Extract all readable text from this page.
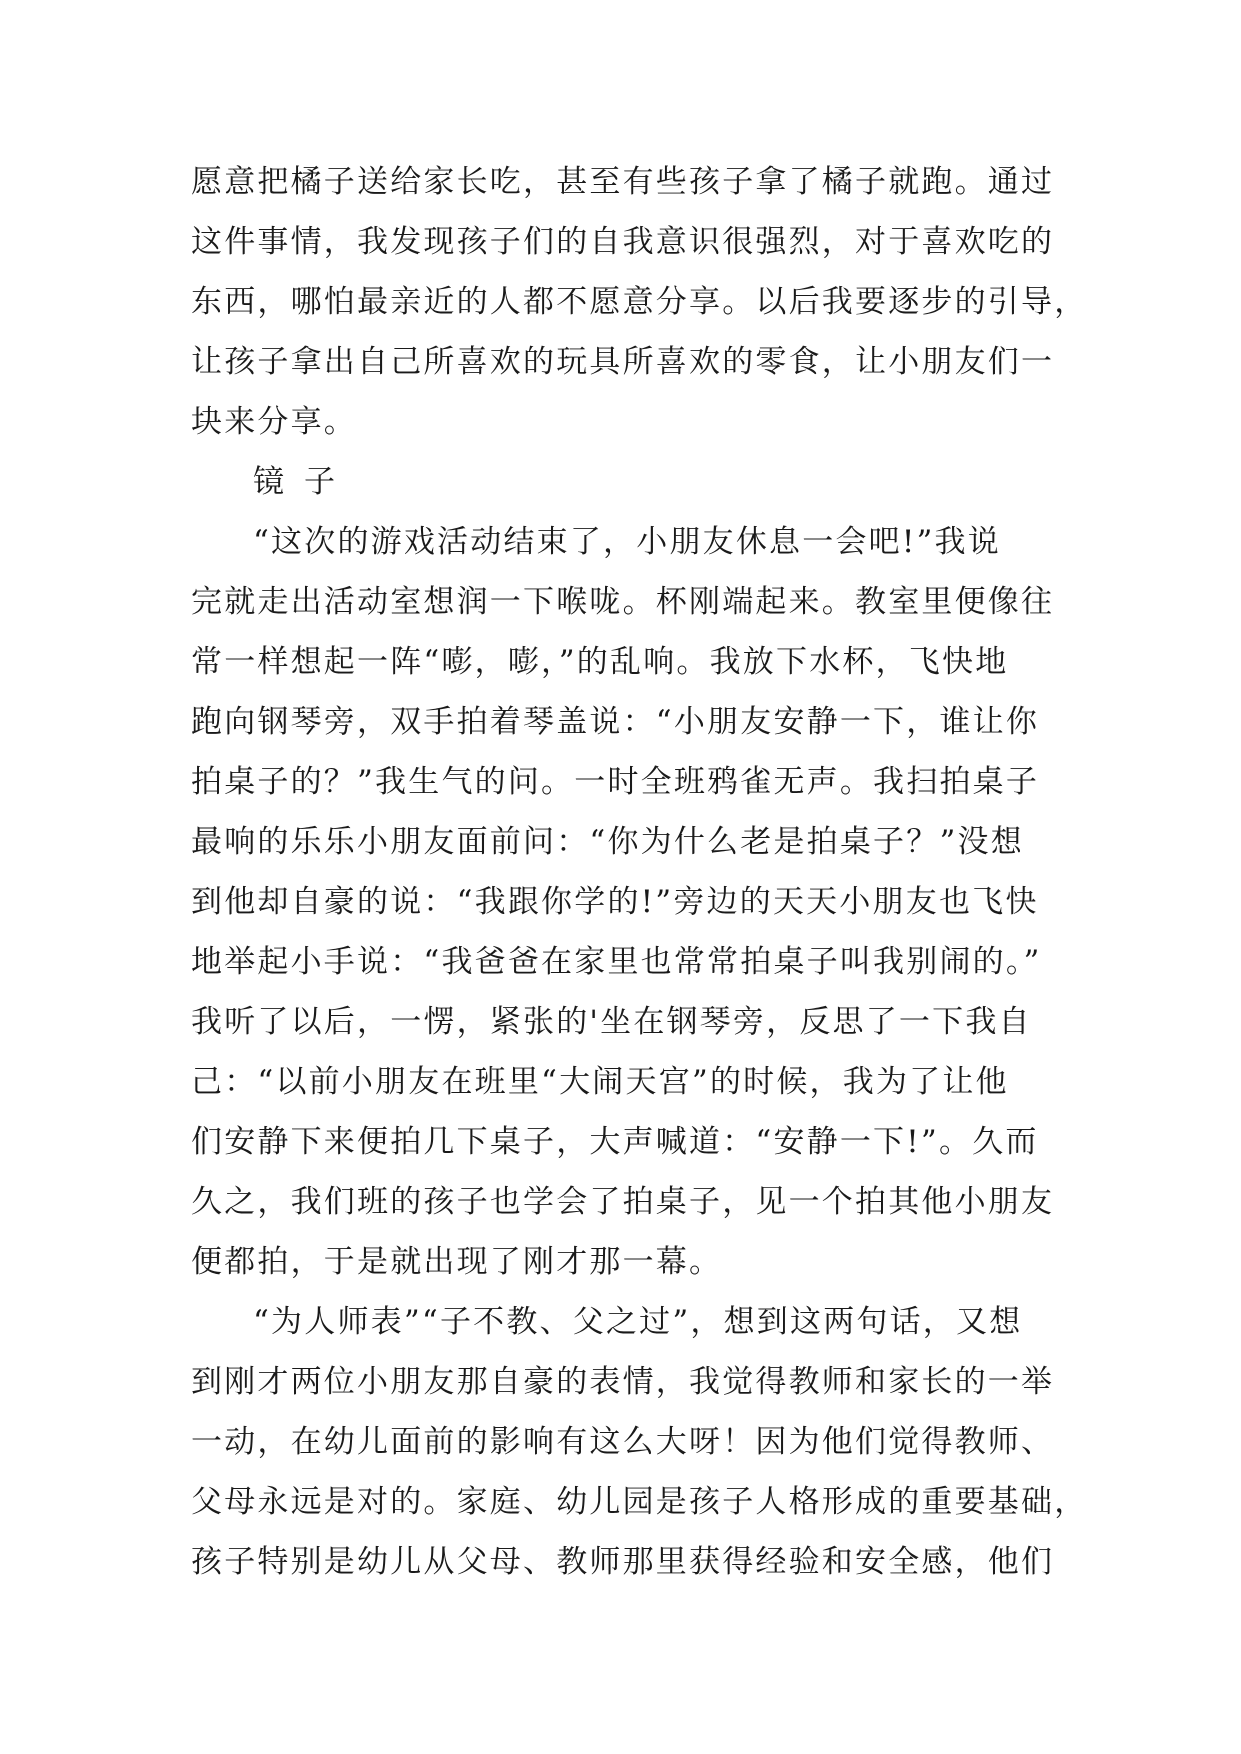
愿意把橘子送给家长吃，甚至有些孩子拿了橘子就跑。通过
这件事情，我发现孩子们的自我意识很强烈，对于喜欢吃的
东西，哪怕最亲近的人都不愿意分享。以后我要逐步的引导，
让孩子拿出自己所喜欢的玩具所喜欢的零食，让小朋友们一
块来分享。
镜子
“这次的游戏活动结束了，小朋友休息一会吧!”我说
完就走出活动室想润一下喉咙。杯刚端起来。教室里便像往
常一样想起一阵“嘭，嘭，”的乱响。我放下水杯，飞快地
跑向钢琴旁，双手拍着琴盖说：“小朋友安静一下，谁让你
拍桌子的？”我生气的问。一时全班鸦雀无声。我扫拍桌子
最响的乐乐小朋友面前问：“你为什么老是拍桌子？”没想
到他却自豪的说：“我跟你学的!”旁边的天天小朋友也飞快
地举起小手说：“我爸爸在家里也常常拍桌子叫我别闹的。”
我听了以后，一愣，紧张的'坐在钢琴旁，反思了一下我自
己：“以前小朋友在班里“大闹天宫”的时候，我为了让他
们安静下来便拍几下桌子，大声喊道：“安静一下!”。久而
久之，我们班的孩子也学会了拍桌子，见一个拍其他小朋友
便都拍，于是就出现了刚才那一幕。
“为人师表”“子不教、父之过”，想到这两句话，又想
到刚才两位小朋友那自豪的表情，我觉得教师和家长的一举
一动，在幼儿面前的影响有这么大呀！因为他们觉得教师、
父母永远是对的。家庭、幼儿园是孩子人格形成的重要基础，
孩子特别是幼儿从父母、教师那里获得经验和安全感，他们
